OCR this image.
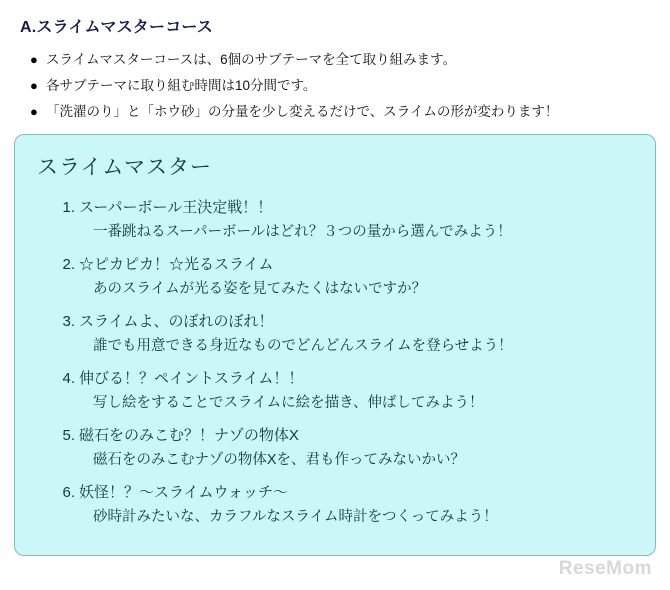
A.スライムマスターコース
● スライムマスターコースは、6個のサブテーマを全て取り組みます。
● 各サブテーマに取り組む時間は10分間です。
● 「洗濯のり」と「ホウ砂」の分量を少し変えるだけで、スライムの形が変わります！
スライムマスター
1. スーパーボール王決定戦！！
一番跳ねるスーパーボールはどれ？３つの量から選んでみよう！
2. ☆ピカピカ！☆光るスライム
あのスライムが光る姿を見てみたくはないですか？
3. スライムよ、のぼれのぼれ！
誰でも用意できる身近なものでどんどんスライムを登らせよう！
4. 伸びる！？ペイントスライム！！
写し絵をすることでスライムに絵を描き、伸ばしてみよう！
5. 磁石をのみこむ？！ナゾの物体X
磁石をのみこむナゾの物体Xを、君も作ってみないかい？
6. 妖怪！？～スライムウォッチ～
砂時計みたいな、カラフルなスライム時計をつくってみよう！
ReseMom
